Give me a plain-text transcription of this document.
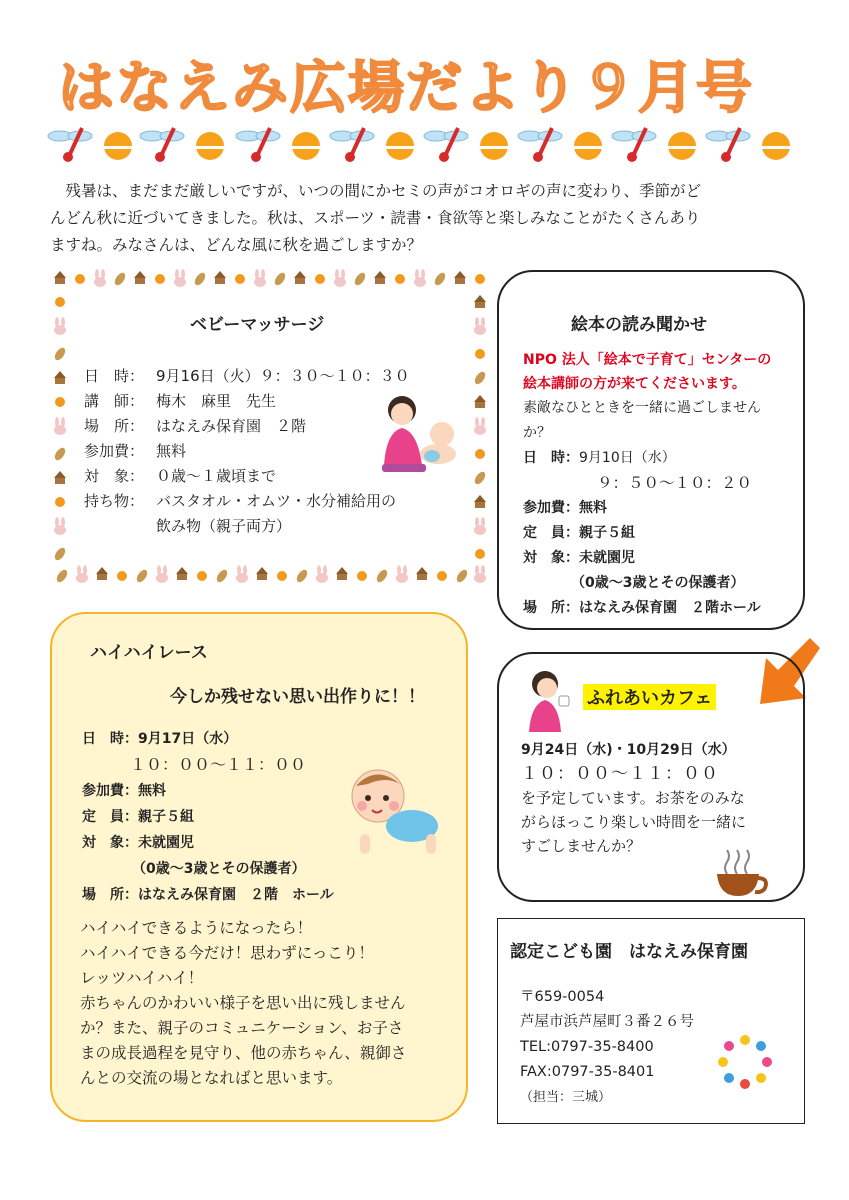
はなえみ広場だより９月号

残暑は、まだまだ厳しいですが、いつの間にかセミの声がコオロギの声に変わり、季節がど

んどん秋に近づいてきました。秋は、スポーツ・読書・食欲等と楽しみなことがたくさんあり
ますね。みなさんは、どんな風に秋を過ごしますか？
ベビーマッサージ
日　時： 9月16日（火）９：３０～１０：３０
講　師： 梅木　麻里　先生
場　所： はなえみ保育園　２階
参加費： 無料
対　象： ０歳～１歳頃まで
持ち物： バスタオル・オムツ・水分補給用の
飲み物（親子両方）
絵本の読み聞かせ
NPO 法人「絵本で子育て」センターの
絵本講師の方が来てくださいます。
素敵なひとときを一緒に過ごしません
か？
日　時：9月10日（水）
９：５０～１０：２０
参加費：無料
定　員：親子５組
対　象：未就園児
（0歳～3歳とその保護者）
場　所：はなえみ保育園　２階ホール
ハイハイレース
今しか残せない思い出作りに！！
日　時：9月17日（水）
１０：００～１１：００
参加費：無料
定　員：親子５組
対　象：未就園児
（0歳～3歳とその保護者）
場　所：はなえみ保育園　２階　ホール
ハイハイできるようになったら！
ハイハイできる今だけ！思わずにっこり！
レッツハイハイ！
赤ちゃんのかわいい様子を思い出に残しません
か？また、親子のコミュニケーション、お子さ
まの成長過程を見守り、他の赤ちゃん、親御さ
んとの交流の場となればと思います。
ふれあいカフェ
9月24日（水)・10月29日（水）
１０：００～１１：００
を予定しています。お茶をのみな
がらほっこり楽しい時間を一緒に
すごしませんか？
認定こども園　はなえみ保育園
〒659-0054
芦屋市浜芦屋町３番２６号
TEL:0797-35-8400
FAX:0797-35-8401
（担当：三城）
